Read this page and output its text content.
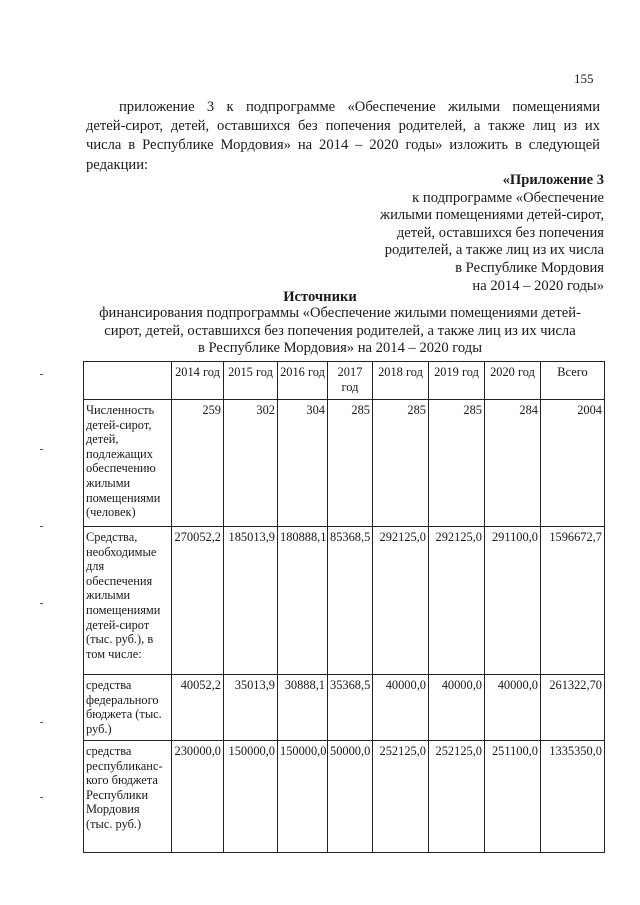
155
приложение 3 к подпрограмме «Обеспечение жилыми помещениями
детей-сирот, детей, оставшихся без попечения родителей, а также лиц из их
числа в Республике Мордовия» на 2014 – 2020 годы» изложить в следующей
редакции:
«Приложение 3
к подпрограмме «Обеспечение
жилыми помещениями детей-сирот,
детей, оставшихся без попечения
родителей, а также лиц из их числа
в Республике Мордовия
на 2014 – 2020 годы»
Источники
финансирования подпрограммы «Обеспечение жилыми помещениями детей-
сирот, детей, оставшихся без попечения родителей, а также лиц из их числа
в Республике Мордовия» на 2014 – 2020 годы
	2014 год	2015 год	2016 год	2017 год	2018 год	2019 год	2020 год	Всего
Численность детей-сирот, детей, подлежащих обеспечению жилыми помещениями (человек)	259	302	304	285	285	285	284	2004
Средства, необходимые для обеспечения жилыми помещениями детей-сирот (тыс. руб.), в том числе:	270052,2	185013,9	180888,1	85368,5	292125,0	292125,0	291100,0	1596672,7
средства федерального бюджета (тыс. руб.)	40052,2	35013,9	30888,1	35368,5	40000,0	40000,0	40000,0	261322,70
средства республиканс-кого бюджета Республики Мордовия (тыс. руб.)	230000,0	150000,0	150000,0	50000,0	252125,0	252125,0	251100,0	1335350,0
